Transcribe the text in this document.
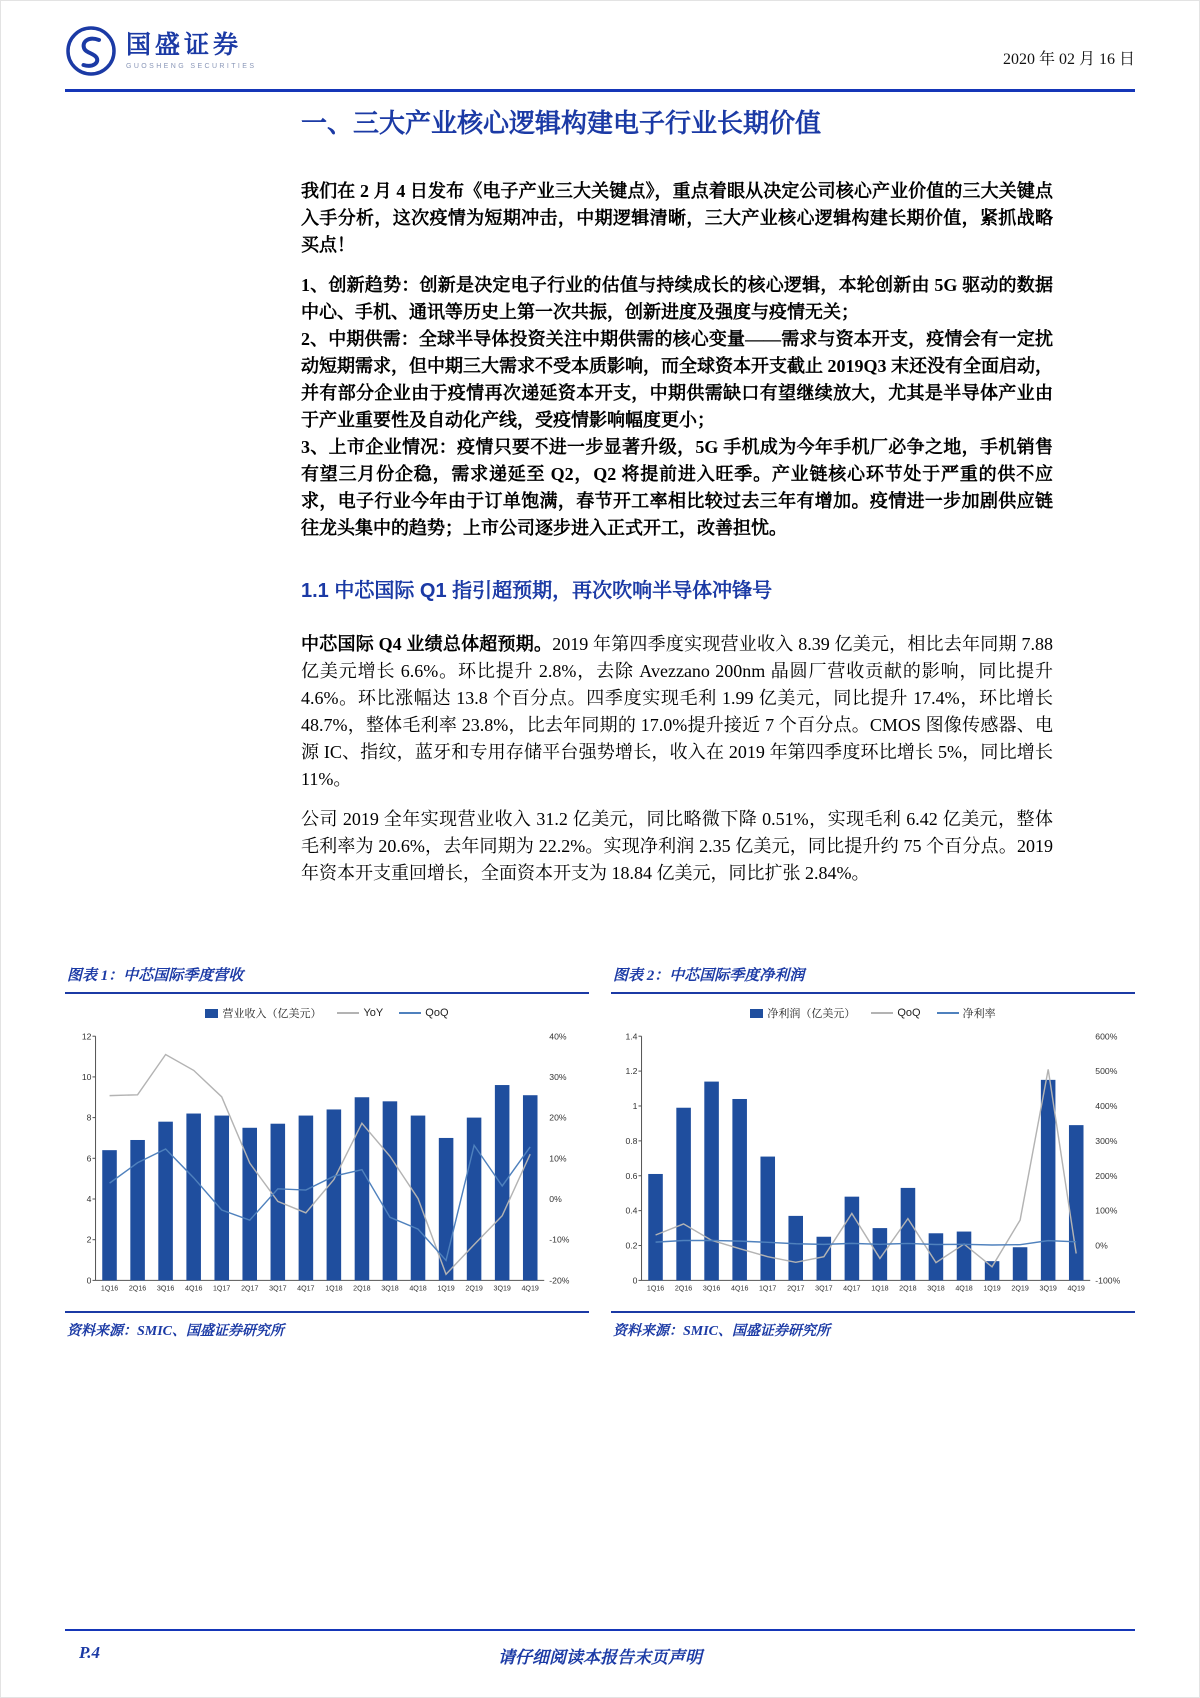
国盛证券
GUOSHENG SECURITIES	2020 年 02 月 16 日
一、三大产业核心逻辑构建电子行业长期价值

我们在 2 月 4 日发布《电子产业三大关键点》，重点着眼从决定公司核心产业价值的三大关键点入手分析，这次疫情为短期冲击，中期逻辑清晰，三大产业核心逻辑构建长期价值，紧抓战略买点！

1、创新趋势：创新是决定电子行业的估值与持续成长的核心逻辑，本轮创新由 5G 驱动的数据中心、手机、通讯等历史上第一次共振，创新进度及强度与疫情无关；

2、中期供需：全球半导体投资关注中期供需的核心变量——需求与资本开支，疫情会有一定扰动短期需求，但中期三大需求不受本质影响，而全球资本开支截止 2019Q3 末还没有全面启动，并有部分企业由于疫情再次递延资本开支，中期供需缺口有望继续放大，尤其是半导体产业由于产业重要性及自动化产线，受疫情影响幅度更小；

3、上市企业情况：疫情只要不进一步显著升级，5G 手机成为今年手机厂必争之地，手机销售有望三月份企稳，需求递延至 Q2，Q2 将提前进入旺季。产业链核心环节处于严重的供不应求，电子行业今年由于订单饱满，春节开工率相比较过去三年有增加。疫情进一步加剧供应链往龙头集中的趋势；上市公司逐步进入正式开工，改善担忧。

1.1 中芯国际 Q1 指引超预期，再次吹响半导体冲锋号

中芯国际 Q4 业绩总体超预期。2019 年第四季度实现营业收入 8.39 亿美元，相比去年同期 7.88 亿美元增长 6.6%。环比提升 2.8%，去除 Avezzano 200nm 晶圆厂营收贡献的影响，同比提升 4.6%。环比涨幅达 13.8 个百分点。四季度实现毛利 1.99 亿美元，同比提升 17.4%，环比增长 48.7%，整体毛利率 23.8%，比去年同期的 17.0%提升接近 7 个百分点。CMOS 图像传感器、电源 IC、指纹，蓝牙和专用存储平台强势增长，收入在 2019 年第四季度环比增长 5%，同比增长 11%。

公司 2019 全年实现营业收入 31.2 亿美元，同比略微下降 0.51%，实现毛利 6.42 亿美元，整体毛利率为 20.6%，去年同期为 22.2%。实现净利润 2.35 亿美元，同比提升约 75 个百分点。2019 年资本开支重回增长，全面资本开支为 18.84 亿美元，同比扩张 2.84%。

图表 1：中芯国际季度营收
营业收入（亿美元）	YoY	QoQ
0
2
4
6
8
10
12
-20%
-10%
0%
10%
20%
30%
40%
1Q16 2Q16 3Q16 4Q16 1Q17 2Q17 3Q17 4Q17 1Q18 2Q18 3Q18 4Q18 1Q19 2Q19 3Q19 4Q19
资料来源：SMIC、国盛证券研究所
图表 2：中芯国际季度净利润
净利润（亿美元）	QoQ	净利率
0
0.2
0.4
0.6
0.8
1
1.2
1.4
-100%
0%
100%
200%
300%
400%
500%
600%
1Q16 2Q16 3Q16 4Q16 1Q17 2Q17 3Q17 4Q17 1Q18 2Q18 3Q18 4Q18 1Q19 2Q19 3Q19 4Q19
资料来源：SMIC、国盛证券研究所
P.4	请仔细阅读本报告末页声明
